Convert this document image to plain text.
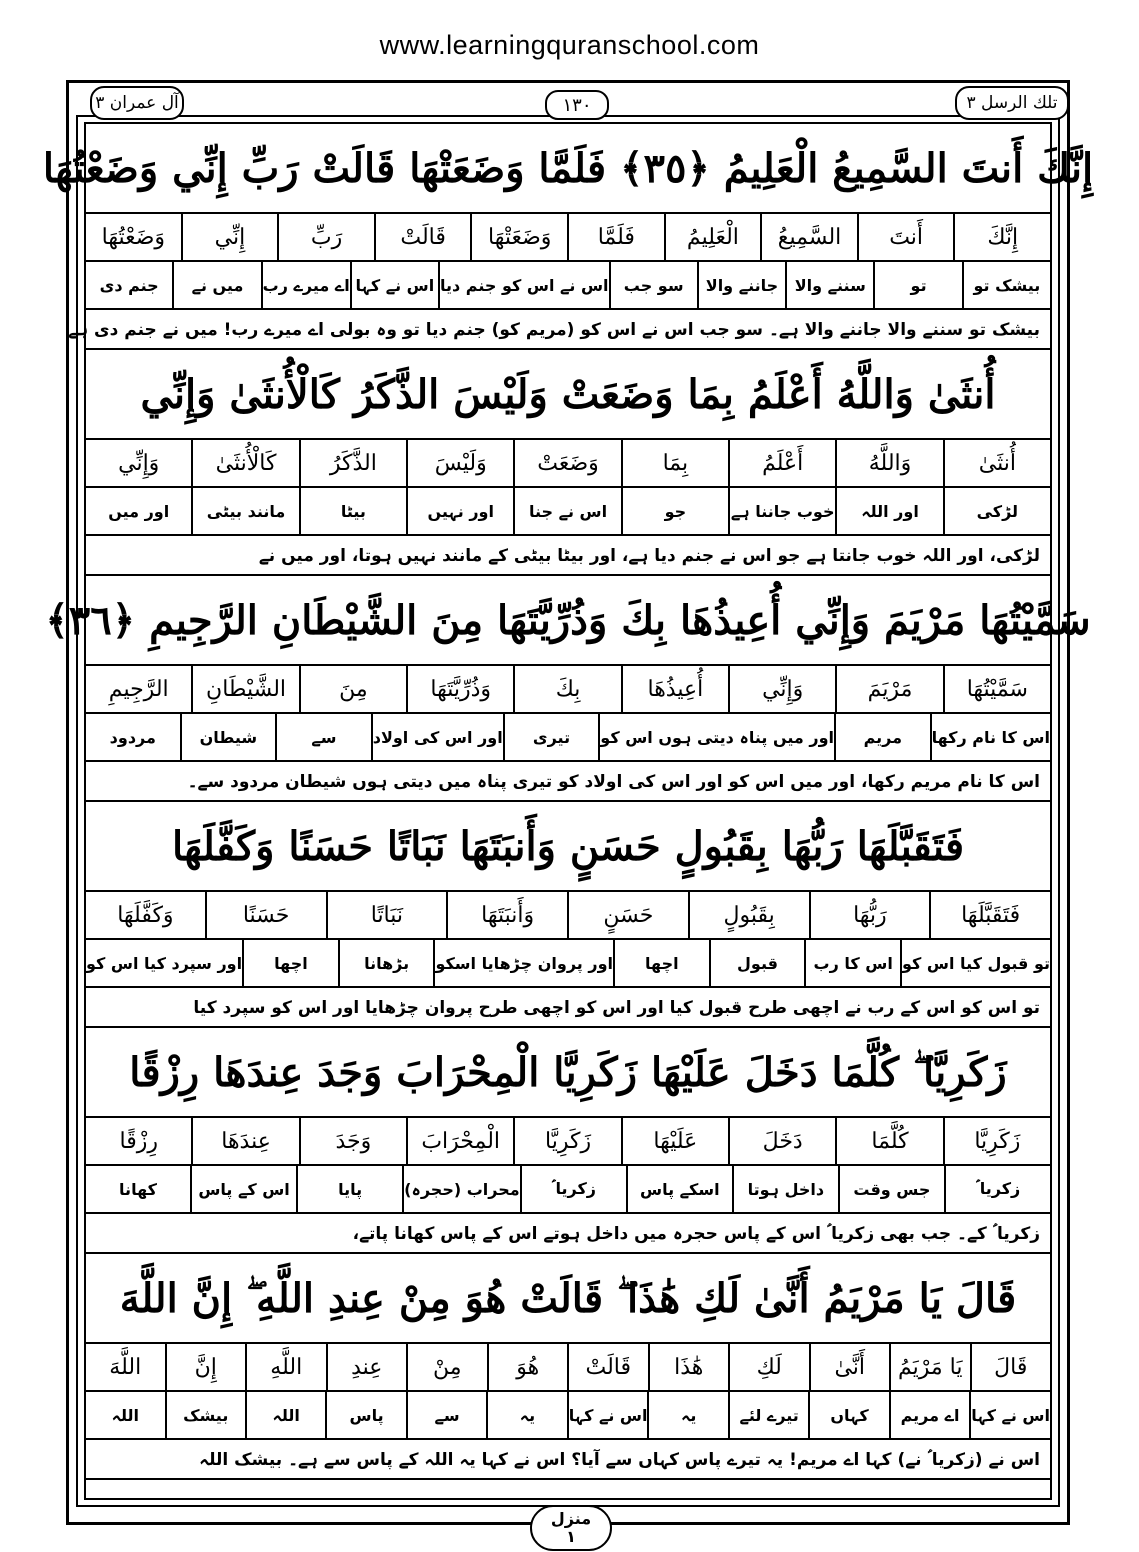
www.learningquranschool.com
آل عمران ٣	١٣٠	تلك الرسل ٣
إِنَّكَ أَنتَ السَّمِيعُ الْعَلِيمُ ﴿٣٥﴾ فَلَمَّا وَضَعَتْهَا قَالَتْ رَبِّ إِنِّي وَضَعْتُهَا
إِنَّكَ
أَنتَ
السَّمِيعُ
الْعَلِيمُ
فَلَمَّا
وَضَعَتْهَا
قَالَتْ
رَبِّ
إِنِّي
وَضَعْتُهَا
بیشک تو
تو
سننے والا
جاننے والا
سو جب
اس نے اس کو جنم دیا
اس نے کہا
اے میرے رب
میں نے
جنم دی
بیشک تو سننے والا جاننے والا ہے۔ سو جب اس نے اس کو (مریم کو) جنم دیا تو وہ بولی اے میرے رب! میں نے جنم دی ہے
أُنثَىٰ وَاللَّهُ أَعْلَمُ بِمَا وَضَعَتْ وَلَيْسَ الذَّكَرُ كَالْأُنثَىٰ وَإِنِّي
أُنثَىٰ
وَاللَّهُ
أَعْلَمُ
بِمَا
وَضَعَتْ
وَلَيْسَ
الذَّكَرُ
كَالْأُنثَىٰ
وَإِنِّي
لڑکی
اور اللہ
خوب جاننا ہے
جو
اس نے جنا
اور نہیں
بیٹا
مانند بیٹی
اور میں
لڑکی، اور اللہ خوب جانتا ہے جو اس نے جنم دیا ہے، اور بیٹا بیٹی کے مانند نہیں ہوتا، اور میں نے
سَمَّيْتُهَا مَرْيَمَ وَإِنِّي أُعِيذُهَا بِكَ وَذُرِّيَّتَهَا مِنَ الشَّيْطَانِ الرَّجِيمِ ﴿٣٦﴾
سَمَّيْتُهَا
مَرْيَمَ
وَإِنِّي
أُعِيذُهَا
بِكَ
وَذُرِّيَّتَهَا
مِنَ
الشَّيْطَانِ
الرَّجِيمِ
اس کا نام رکھا
مریم
اور میں پناہ دیتی ہوں اس کو
تیری
اور اس کی اولاد
سے
شیطان
مردود
اس کا نام مریم رکھا، اور میں اس کو اور اس کی اولاد کو تیری پناہ میں دیتی ہوں شیطان مردود سے۔
فَتَقَبَّلَهَا رَبُّهَا بِقَبُولٍ حَسَنٍ وَأَنبَتَهَا نَبَاتًا حَسَنًا وَكَفَّلَهَا
فَتَقَبَّلَهَا
رَبُّهَا
بِقَبُولٍ
حَسَنٍ
وَأَنبَتَهَا
نَبَاتًا
حَسَنًا
وَكَفَّلَهَا
تو قبول کیا اس کو
اس کا رب
قبول
اچھا
اور پروان چڑھایا اسکو
بڑھانا
اچھا
اور سپرد کیا اس کو
تو اس کو اس کے رب نے اچھی طرح قبول کیا اور اس کو اچھی طرح پروان چڑھایا اور اس کو سپرد کیا
زَكَرِيَّا ۖ كُلَّمَا دَخَلَ عَلَيْهَا زَكَرِيَّا الْمِحْرَابَ وَجَدَ عِندَهَا رِزْقًا
زَكَرِيَّا
كُلَّمَا
دَخَلَ
عَلَيْهَا
زَكَرِيَّا
الْمِحْرَابَ
وَجَدَ
عِندَهَا
رِزْقًا
زکریا ؑ
جس وقت
داخل ہوتا
اسکے پاس
زکریا ؑ
محراب (حجرہ)
پایا
اس کے پاس
کھانا
زکریا ؑ کے۔ جب بھی زکریا ؑ اس کے پاس حجرہ میں داخل ہوتے اس کے پاس کھانا پاتے،
قَالَ يَا مَرْيَمُ أَنَّىٰ لَكِ هَٰذَا ۖ قَالَتْ هُوَ مِنْ عِندِ اللَّهِ ۖ إِنَّ اللَّهَ
قَالَ
يَا مَرْيَمُ
أَنَّىٰ
لَكِ
هَٰذَا
قَالَتْ
هُوَ
مِنْ
عِندِ
اللَّهِ
إِنَّ
اللَّهَ
اس نے کہا
اے مریم
کہاں
تیرے لئے
یہ
اس نے کہا
یہ
سے
پاس
اللہ
بیشک
اللہ
اس نے (زکریا ؑ نے) کہا اے مریم! یہ تیرے پاس کہاں سے آیا؟ اس نے کہا یہ اللہ کے پاس سے ہے۔ بیشک اللہ
منزل
١
